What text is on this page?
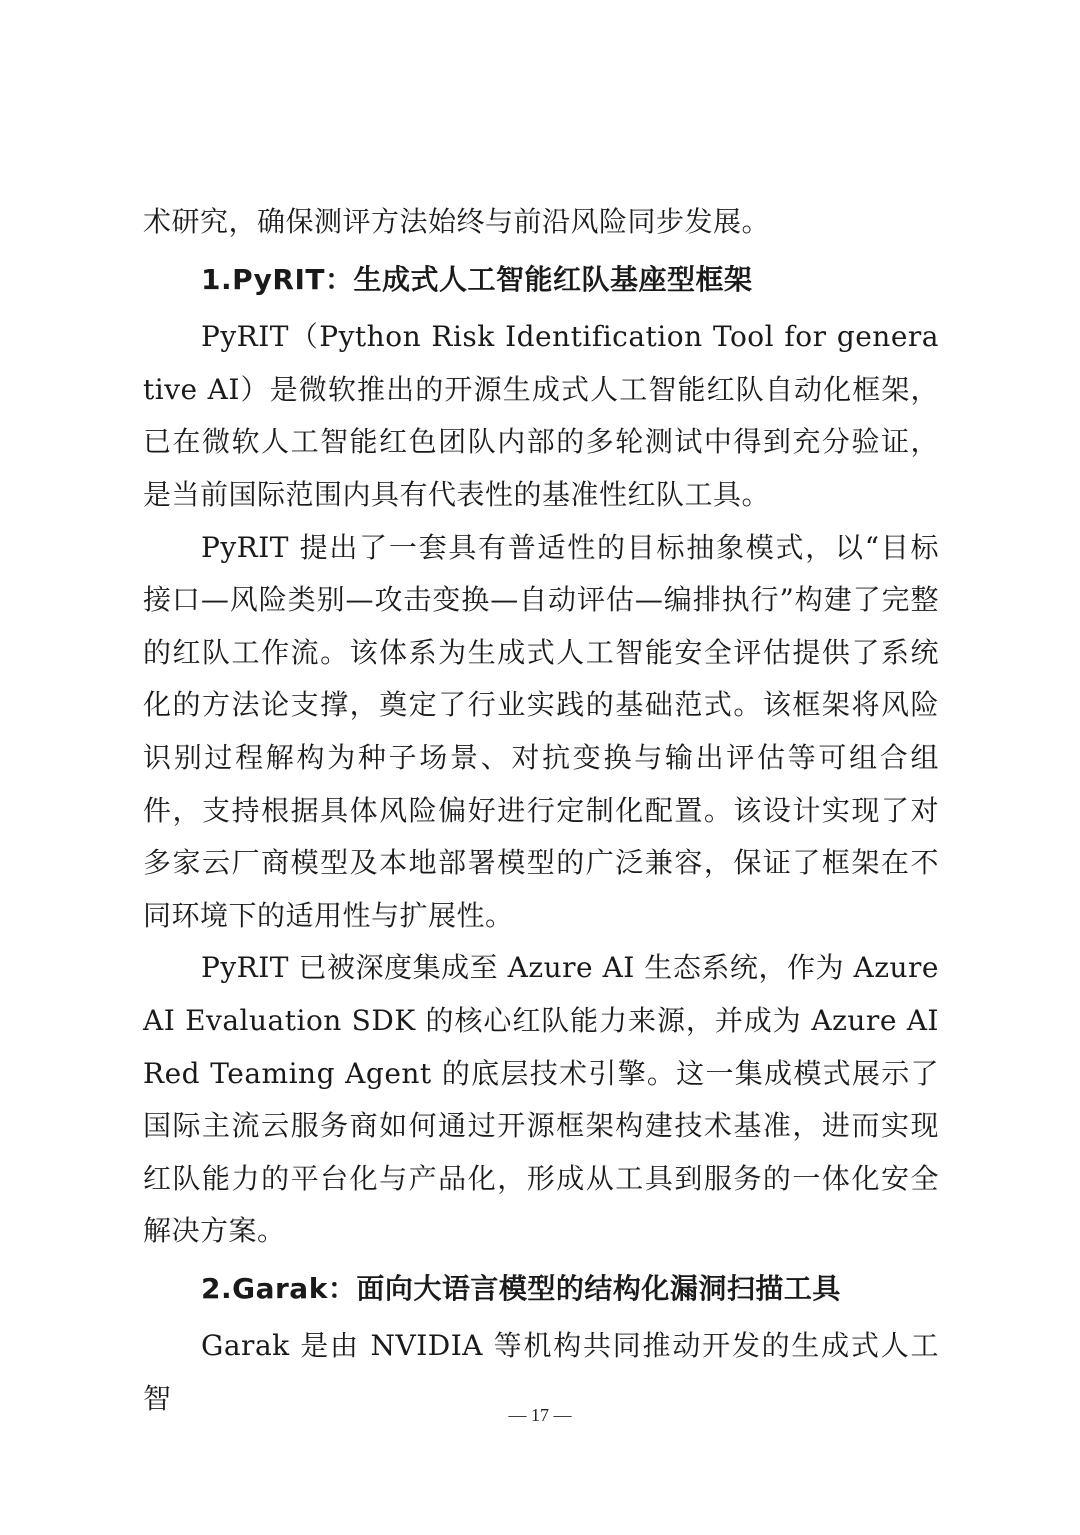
术研究，确保测评方法始终与前沿风险同步发展。

1.PyRIT：生成式人工智能红队基座型框架

PyRIT（Python Risk Identification Tool for generative AI）是微软推出的开源生成式人工智能红队自动化框架，已在微软人工智能红色团队内部的多轮测试中得到充分验证，是当前国际范围内具有代表性的基准性红队工具。

PyRIT 提出了一套具有普适性的目标抽象模式，以“目标接口—风险类别—攻击变换—自动评估—编排执行”构建了完整的红队工作流。该体系为生成式人工智能安全评估提供了系统化的方法论支撑，奠定了行业实践的基础范式。该框架将风险识别过程解构为种子场景、对抗变换与输出评估等可组合组件，支持根据具体风险偏好进行定制化配置。该设计实现了对多家云厂商模型及本地部署模型的广泛兼容，保证了框架在不同环境下的适用性与扩展性。

PyRIT 已被深度集成至 Azure AI 生态系统，作为 Azure AI Evaluation SDK 的核心红队能力来源，并成为 Azure AI Red Teaming Agent 的底层技术引擎。这一集成模式展示了国际主流云服务商如何通过开源框架构建技术基准，进而实现红队能力的平台化与产品化，形成从工具到服务的一体化安全解决方案。

2.Garak：面向大语言模型的结构化漏洞扫描工具

Garak 是由 NVIDIA 等机构共同推动开发的生成式人工智	— 17 —
